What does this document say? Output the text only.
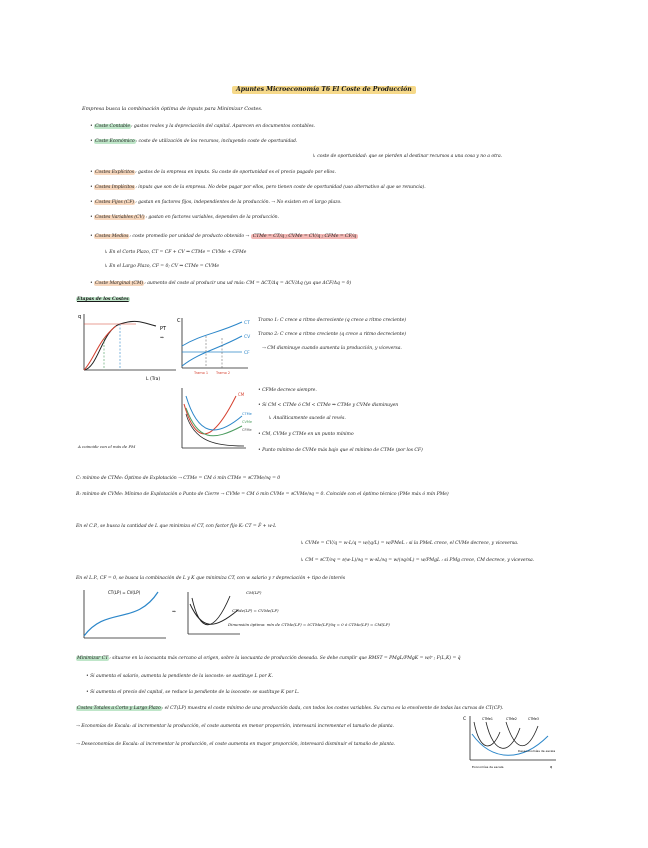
Apuntes Microeconomía T6 El Coste de Producción
Empresa busca la combinación óptima de inputs para Minimizar Costes.
• Coste Contable: gastos reales y la depreciación del capital. Aparecen en documentos contables.
• Coste Económico: coste de utilización de los recursos, incluyendo coste de oportunidad.
↳ coste de oportunidad: que se pierden al destinar recursos a una cosa y no a otra.
• Costes Explícitos: gastos de la empresa en inputs. Su coste de oportunidad es el precio pagado por ellos.
• Costes Implícitos: inputs que son de la empresa. No debe pagar por ellos, pero tienen coste de oportunidad (uso alternativo al que se renuncia).
• Costes Fijos (CF): gastan en factores fijos, independientes de la producción. → No existen en el largo plazo.
• Costes Variables (CV): gastan en factores variables, dependen de la producción.
• Costes Medios: coste promedio por unidad de producto obtenido → CTMe = CT/q ; CVMe = CV/q ; CFMe = CF/q
↳ En el Corto Plazo, CT = CF + CV ⇒ CTMe = CVMe + CFMe
↳ En el Largo Plazo, CF = 0; CV ⇒ CTMe = CVMe
• Coste Marginal (CM): aumento del coste al producir una ud más: CM = ΔCT/Δq = ΔCV/Δq (ya que ΔCF/Δq = 0)
Etapas de los Costes
q
PT
L (Tra)
⇒
A coincide con el máx de PM
C	CT
CV
CF
Tramo 1 Tramo 2
Tramo 1: C crece a ritmo decreciente (q crece a ritmo creciente)
Tramo 2: C crece a ritmo creciente (q crece a ritmo decreciente)
→ CM disminuye cuando aumenta la producción, y viceversa.
CM
CTMe
CVMe
CFMe
• CFMe decrece siempre.
• Si CM < CTMe ó CM < CTMe ⇒ CTMe y CVMe disminuyen
↳ Analíticamente sucede al revés.
• CM, CVMe y CTMe en un punto mínimo
• Punto mínimo de CVMe más bajo que el mínimo de CTMe (por los CF)
C: mínimo de CTMe: Óptimo de Explotación → CTMe = CM ó mín CTMe = ∂CTMe/∂q = 0
B: mínimo de CVMe: Mínimo de Explotación o Punto de Cierre → CVMe = CM ó mín CVMe = ∂CVMe/∂q = 0. Coincide con el óptimo técnico (PMe máx ó mín PMe)
En el C.P., se busca la cantidad de L que minimiza el CT, con factor fijo K: CT = F̄ + w·L
↳ CVMe = CV/q = w·L/q = w/(q/L) = w/PMeL : si la PMeL crece, el CVMe decrece, y viceversa.
↳ CM = ∂CT/∂q = ∂(w·L)/∂q = w·∂L/∂q = w/(∂q/∂L) = w/PMgL : si PMg crece, CM decrece, y viceversa.
En el L.P., CF = 0, se busca la combinación de L y K que minimiza CT, con w salario y r depreciación + tipo de interés
CT(LP) = CV(LP)
⇒
CM(LP)
CTMe(LP) = CVMe(LP)
Dimensión óptima: mín de CTMe(LP) = ∂CTMe(LP)/∂q = 0 ó CTMe(LP) = CM(LP)
Minimizar CT: situarse en la isocuanta más cercano al origen, sobre la isocuanta de producción deseada. Se debe cumplir que RMST = PMgL/PMgK = w/r ; F(L,K) = q̄
• Si aumenta el salario, aumenta la pendiente de la isocoste: se sustituye L por K.
• Si aumenta el precio del capital, se reduce la pendiente de la isocoste: se sustituye K por L.
Costes Totales a Corto y Largo Plazo: el CT(LP) muestra el coste mínimo de una producción dada, con todos los costes variables. Su curva es la envolvente de todas las curvas de CT(CP).
→ Economías de Escala: al incrementar la producción, el coste aumenta en menor proporción, interesará incrementar el tamaño de planta.
→ Deseconomías de Escala: al incrementar la producción, el coste aumenta en mayor proporción, interesará disminuir el tamaño de planta.
C	CTMe1	CTMe2	CTMe3
Economías de escala
Deseconomías de escala
q
